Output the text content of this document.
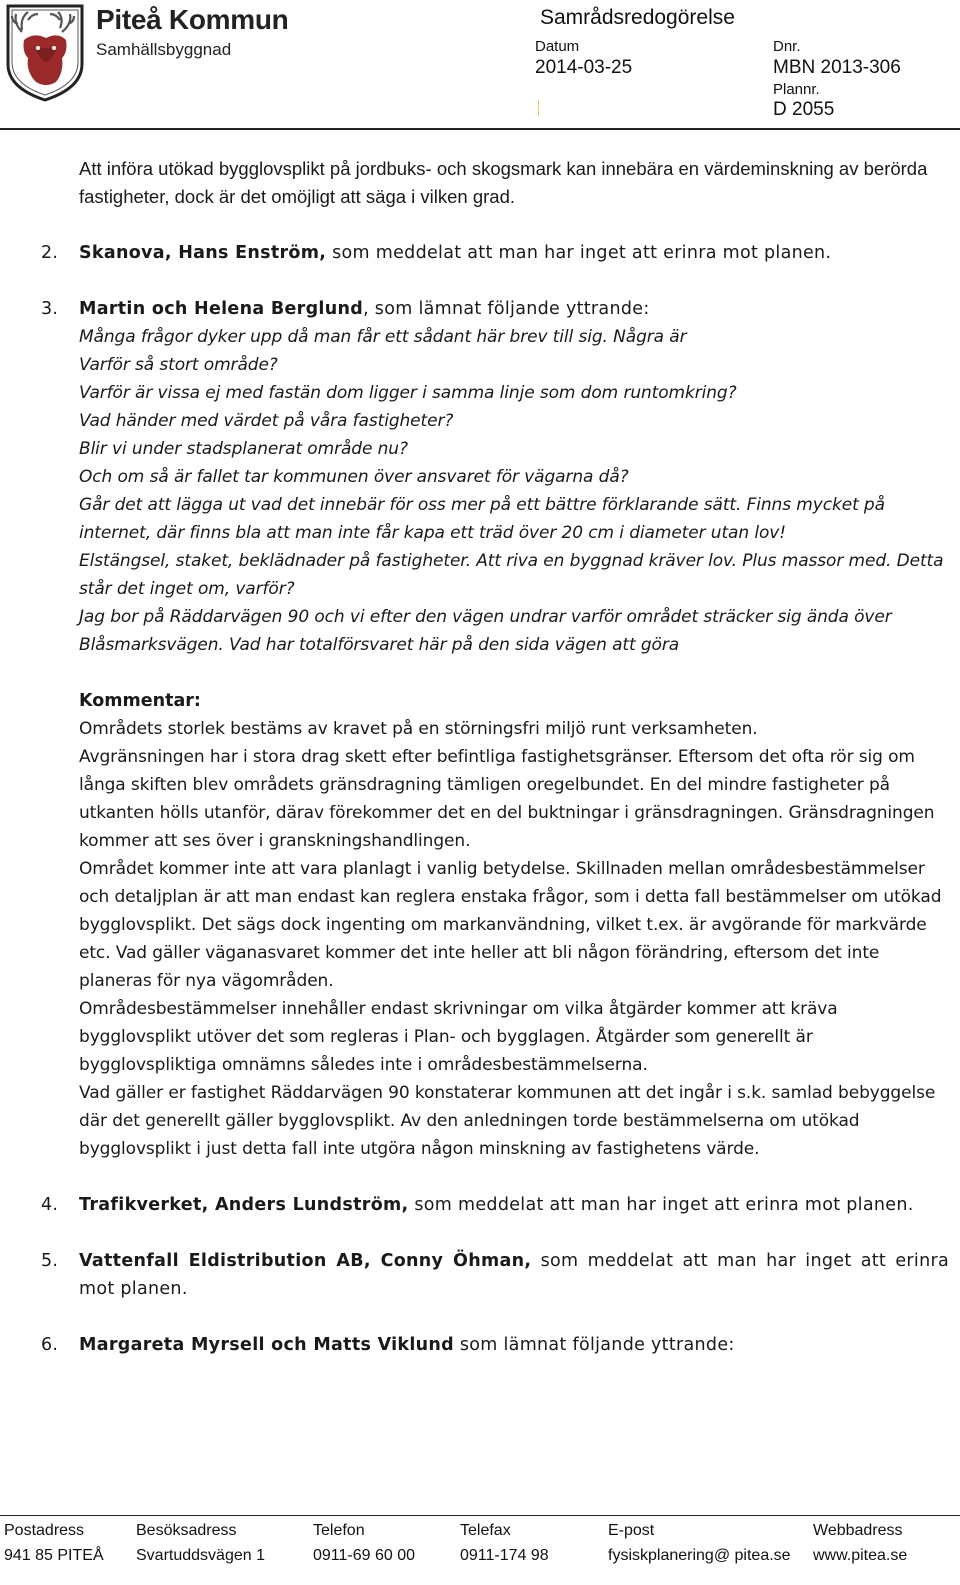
Piteå Kommun
Samhällsbyggnad
Samrådsredogörelse
Datum
2014-03-25
Dnr.
MBN 2013-306
Plannr.
D 2055

Att införa utökad bygglovsplikt på jordbuks- och skogsmark kan innebära en värdeminskning av berörda fastigheter, dock är det omöjligt att säga i vilken grad.

2. Skanova, Hans Enström, som meddelat att man har inget att erinra mot planen.

3. Martin och Helena Berglund, som lämnat följande yttrande:

Många frågor dyker upp då man får ett sådant här brev till sig. Några är
Varför så stort område?
Varför är vissa ej med fastän dom ligger i samma linje som dom runtomkring?
Vad händer med värdet på våra fastigheter?
Blir vi under stadsplanerat område nu?
Och om så är fallet tar kommunen över ansvaret för vägarna då?
Går det att lägga ut vad det innebär för oss mer på ett bättre förklarande sätt. Finns mycket på internet, där finns bla att man inte får kapa ett träd över 20 cm i diameter utan lov!
Elstängsel, staket, beklädnader på fastigheter. Att riva en byggnad kräver lov. Plus massor med. Detta står det inget om, varför?
Jag bor på Räddarvägen 90 och vi efter den vägen undrar varför området sträcker sig ända över Blåsmarksvägen. Vad har totalförsvaret här på den sida vägen att göra
Kommentar:
Områdets storlek bestäms av kravet på en störningsfri miljö runt verksamheten.
Avgränsningen har i stora drag skett efter befintliga fastighetsgränser. Eftersom det ofta rör sig om långa skiften blev områdets gränsdragning tämligen oregelbundet. En del mindre fastigheter på utkanten hölls utanför, därav förekommer det en del buktningar i gränsdragningen. Gränsdragningen kommer att ses över i granskningshandlingen.
Området kommer inte att vara planlagt i vanlig betydelse. Skillnaden mellan områdesbestämmelser och detaljplan är att man endast kan reglera enstaka frågor, som i detta fall bestämmelser om utökad bygglovsplikt. Det sägs dock ingenting om markanvändning, vilket t.ex. är avgörande för markvärde etc. Vad gäller väganasvaret kommer det inte heller att bli någon förändring, eftersom det inte planeras för nya vägområden.
Områdesbestämmelser innehåller endast skrivningar om vilka åtgärder kommer att kräva bygglovsplikt utöver det som regleras i Plan- och bygglagen. Åtgärder som generellt är bygglovspliktiga omnämns således inte i områdesbestämmelserna.
Vad gäller er fastighet Räddarvägen 90 konstaterar kommunen att det ingår i s.k. samlad bebyggelse där det generellt gäller bygglovsplikt. Av den anledningen torde bestämmelserna om utökad bygglovsplikt i just detta fall inte utgöra någon minskning av fastighetens värde.

4. Trafikverket, Anders Lundström, som meddelat att man har inget att erinra mot planen.

5. Vattenfall Eldistribution AB, Conny Öhman, som meddelat att man har inget att erinra mot planen.

6. Margareta Myrsell och Matts Viklund som lämnat följande yttrande:

Postadress
941 85 PITEÅ
Besöksadress
Svartuddsvägen 1
Telefon
0911-69 60 00
Telefax
0911-174 98
E-post
fysiskplanering@ pitea.se
Webbadress
www.pitea.se
